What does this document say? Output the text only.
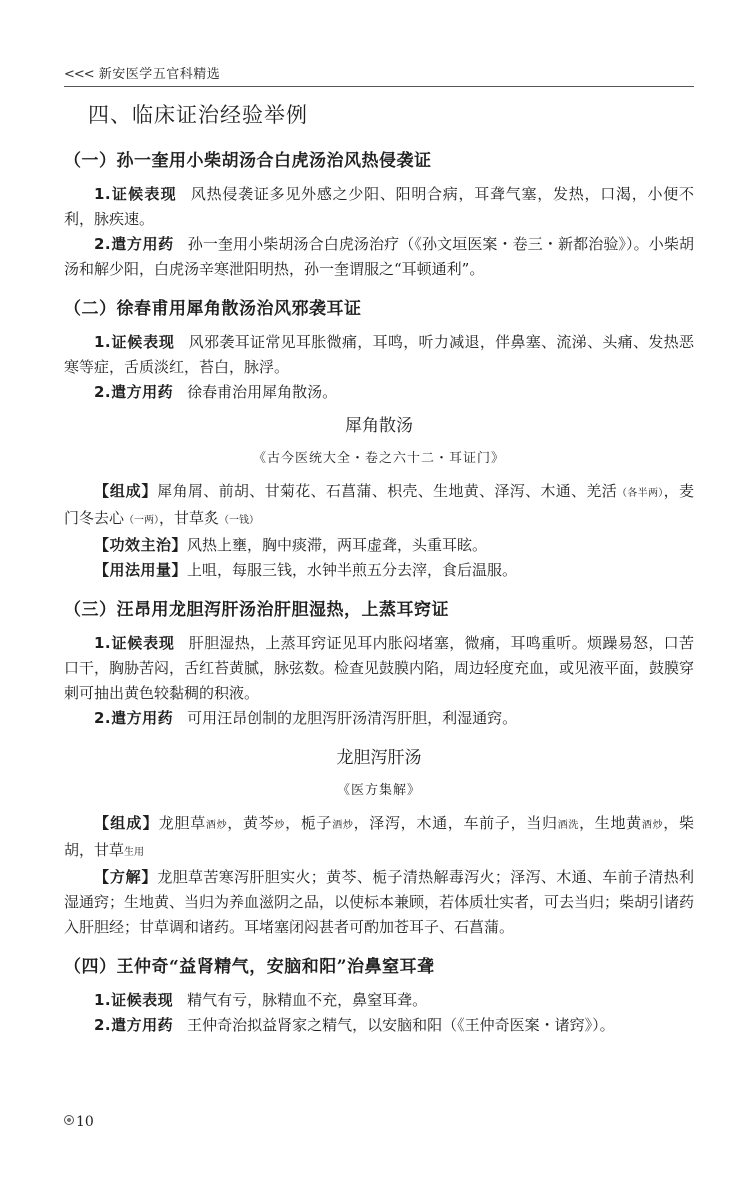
<<< 新安医学五官科精选
四、临床证治经验举例
（一）孙一奎用小柴胡汤合白虎汤治风热侵袭证

1.证候表现 风热侵袭证多见外感之少阳、阳明合病，耳聋气塞，发热，口渴，小便不利，脉疾速。

2.遣方用药 孙一奎用小柴胡汤合白虎汤治疗（《孙文垣医案・卷三・新都治验》）。小柴胡汤和解少阳，白虎汤辛寒泄阳明热，孙一奎谓服之“耳顿通利”。

（二）徐春甫用犀角散汤治风邪袭耳证

1.证候表现 风邪袭耳证常见耳胀微痛，耳鸣，听力减退，伴鼻塞、流涕、头痛、发热恶寒等症，舌质淡红，苔白，脉浮。

2.遣方用药 徐春甫治用犀角散汤。

犀角散汤

《古今医统大全・卷之六十二・耳证门》

【组成】犀角屑、前胡、甘菊花、石菖蒲、枳壳、生地黄、泽泻、木通、羌活（各半两），麦门冬去心（一两），甘草炙（一钱）

【功效主治】风热上壅，胸中痰滞，两耳虚聋，头重耳眩。

【用法用量】上咀，每服三钱，水钟半煎五分去滓，食后温服。

（三）汪昂用龙胆泻肝汤治肝胆湿热，上蒸耳窍证

1.证候表现 肝胆湿热，上蒸耳窍证见耳内胀闷堵塞，微痛，耳鸣重听。烦躁易怒，口苦口干，胸胁苦闷，舌红苔黄腻，脉弦数。检查见鼓膜内陷，周边轻度充血，或见液平面，鼓膜穿刺可抽出黄色较黏稠的积液。

2.遣方用药 可用汪昂创制的龙胆泻肝汤清泻肝胆，利湿通窍。

龙胆泻肝汤

《医方集解》

【组成】龙胆草酒炒，黄芩炒，栀子酒炒，泽泻，木通，车前子，当归酒洗，生地黄酒炒，柴胡，甘草生用

【方解】龙胆草苦寒泻肝胆实火；黄芩、栀子清热解毒泻火；泽泻、木通、车前子清热利湿通窍；生地黄、当归为养血滋阴之品，以使标本兼顾，若体质壮实者，可去当归；柴胡引诸药入肝胆经；甘草调和诸药。耳堵塞闭闷甚者可酌加苍耳子、石菖蒲。

（四）王仲奇“益肾精气，安脑和阳”治鼻窒耳聋

1.证候表现 精气有亏，脉精血不充，鼻窒耳聋。

2.遣方用药 王仲奇治拟益肾家之精气，以安脑和阳（《王仲奇医案・诸窍》）。

10
